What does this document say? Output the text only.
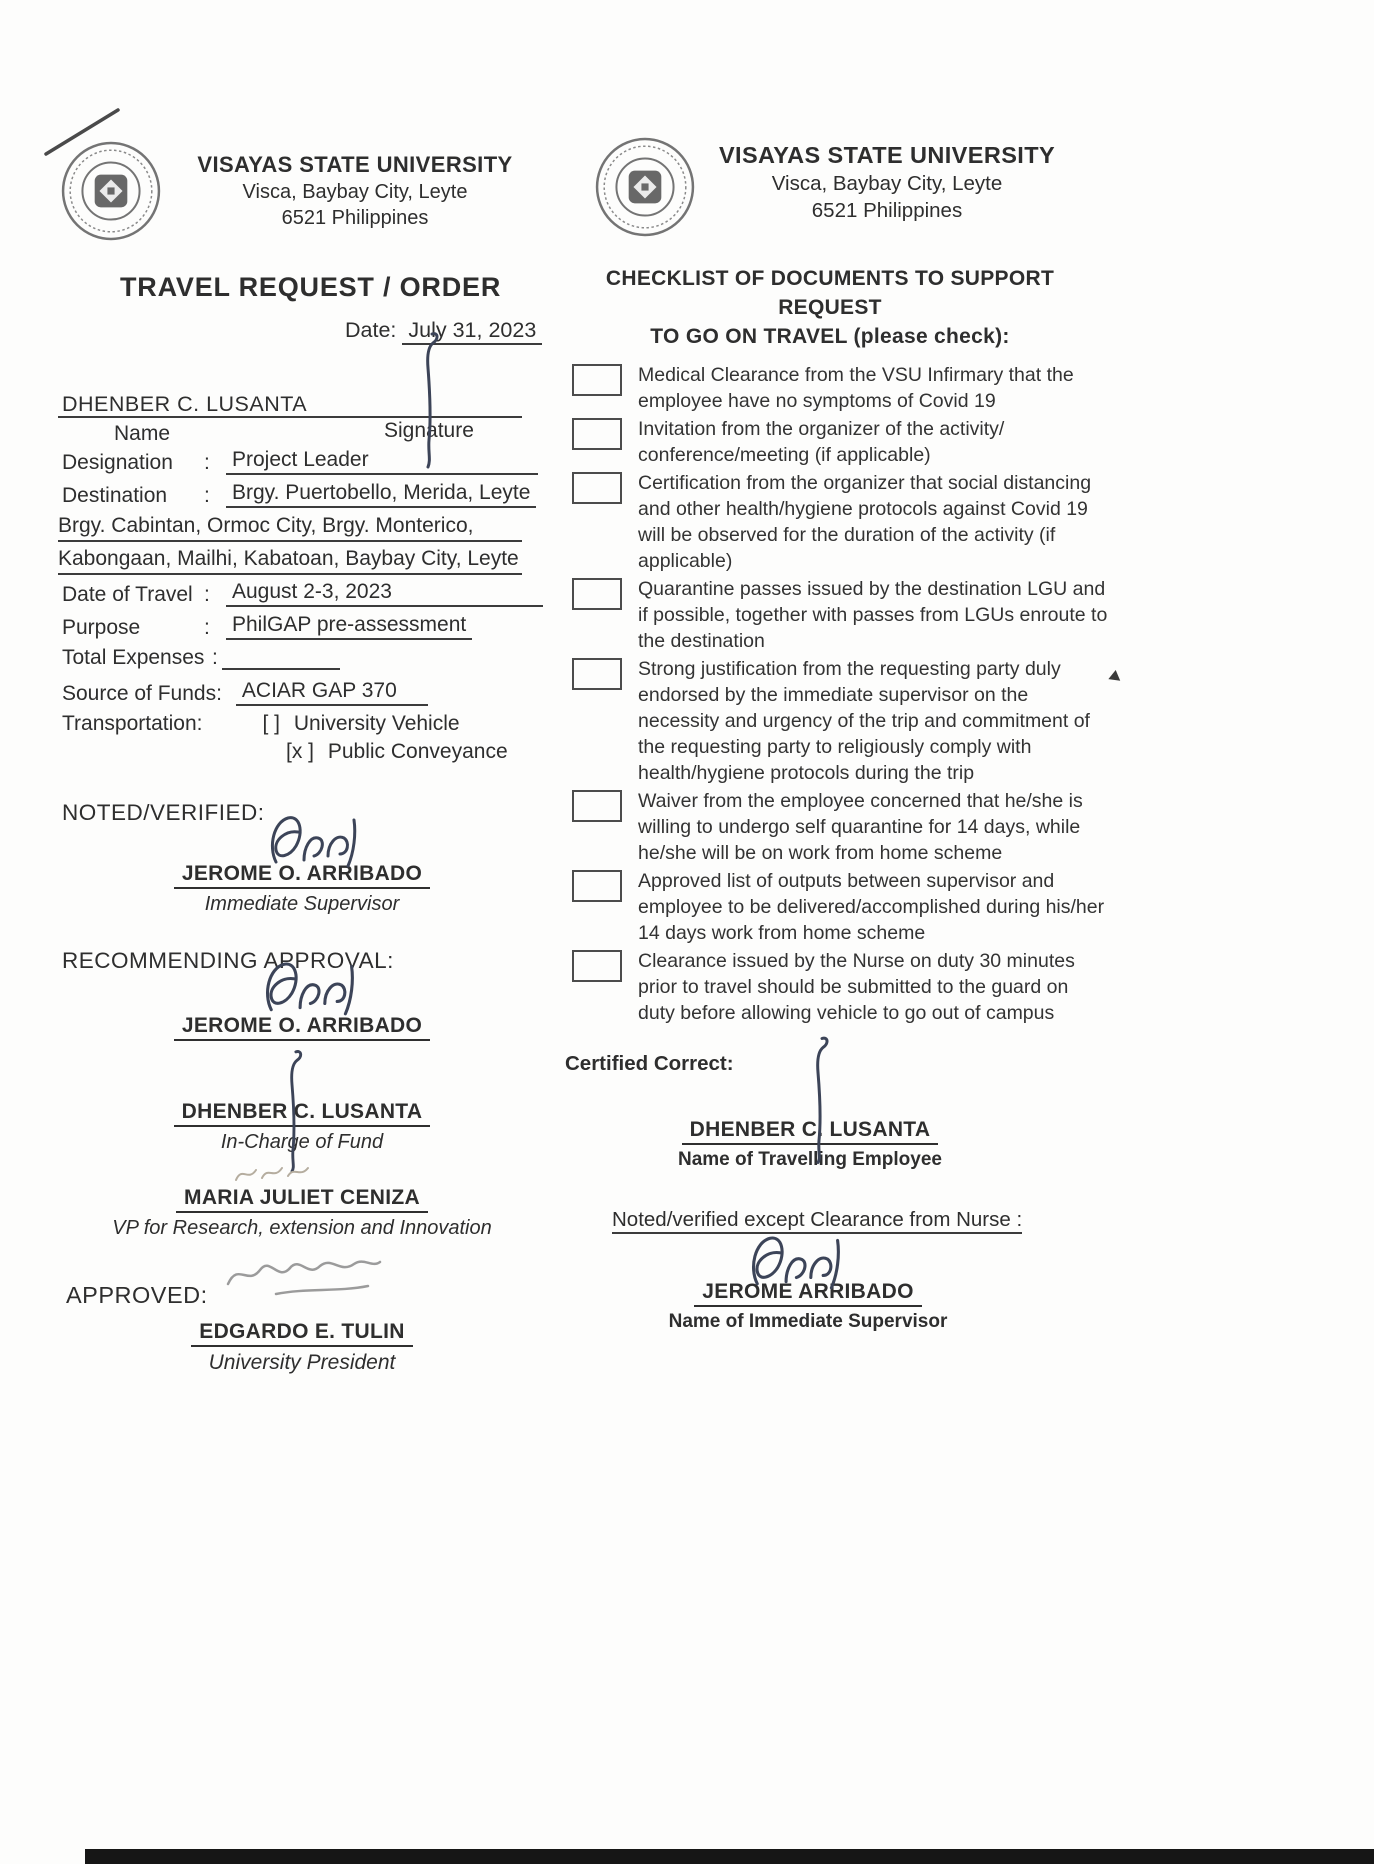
VISAYAS STATE UNIVERSITY
Visca, Baybay City, Leyte
6521 Philippines
VISAYAS STATE UNIVERSITY
Visca, Baybay City, Leyte
6521 Philippines
TRAVEL REQUEST / ORDER
Date: July 31, 2023
DHENBER C. LUSANTA
Name	Signature
Designation	:	Project Leader
Destination	:	Brgy. Puertobello, Merida, Leyte
Brgy. Cabintan, Ormoc City, Brgy. Monterico,
Kabongaan, Mailhi, Kabatoan, Baybay City, Leyte
Date of Travel :	August 2-3, 2023
Purpose	:	PhilGAP pre-assessment
Total Expenses :
Source of Funds: ACIAR GAP 370
Transportation:	[ ] University Vehicle
[x ] Public Conveyance
NOTED/VERIFIED:
JEROME O. ARRIBADO
Immediate Supervisor
RECOMMENDING APPROVAL:
JEROME O. ARRIBADO
DHENBER C. LUSANTA
In-Charge of Fund
MARIA JULIET CENIZA
VP for Research, extension and Innovation
APPROVED:
EDGARDO E. TULIN
University President
CHECKLIST OF DOCUMENTS TO SUPPORT REQUEST
TO GO ON TRAVEL (please check):
Medical Clearance from the VSU Infirmary that the employee have no symptoms of Covid 19
Invitation from the organizer of the activity/ conference/meeting (if applicable)
Certification from the organizer that social distancing and other health/hygiene protocols against Covid 19 will be observed for the duration of the activity (if applicable)
Quarantine passes issued by the destination LGU and if possible, together with passes from LGUs enroute to the destination
Strong justification from the requesting party duly endorsed by the immediate supervisor on the necessity and urgency of the trip and commitment of the requesting party to religiously comply with health/hygiene protocols during the trip
Waiver from the employee concerned that he/she is willing to undergo self quarantine for 14 days, while he/she will be on work from home scheme
Approved list of outputs between supervisor and employee to be delivered/accomplished during his/her 14 days work from home scheme
Clearance issued by the Nurse on duty 30 minutes prior to travel should be submitted to the guard on duty before allowing vehicle to go out of campus
Certified Correct:
DHENBER C. LUSANTA
Name of Travelling Employee
Noted/verified except Clearance from Nurse :
JEROME ARRIBADO
Name of Immediate Supervisor
